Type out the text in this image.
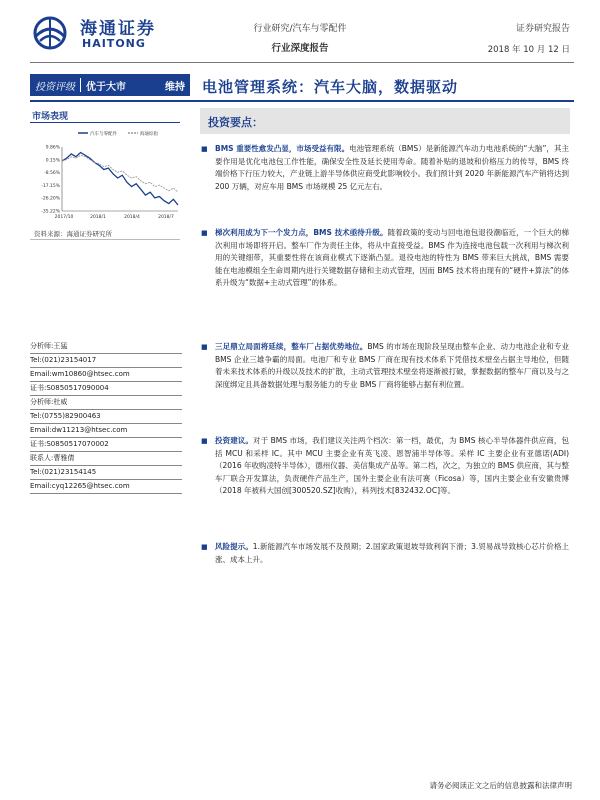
海通证券
HAITONG
行业研究/汽车与零配件
行业深度报告
证券研究报告
2018 年 10 月 12 日
投资评级	优于大市	维持	电池管理系统：汽车大脑，数据驱动
市场表现
汽车与零配件	海通综指
9.86%
0.15%
-8.56%
-17.15%
-26.20%
-35.22%
2017/10	2018/1	2018/4	2018/7
资料来源：海通证券研究所
分析师:王猛
Tel:(021)23154017
Email:wm10860@htsec.com
证书:S0850517090004
分析师:杜威
Tel:(0755)82900463
Email:dw11213@htsec.com
证书:S0850517070002
联系人:曹雅倩
Tel:(021)23154145
Email:cyq12265@htsec.com
投资要点：

■ BMS 重要性愈发凸显，市场受益有限。电池管理系统（BMS）是新能源汽车动力电池系统的“大脑”，其主要作用是优化电池包工作性能，确保安全性及延长使用寿命。随着补贴的退坡和价格压力的传导，BMS 终端价格下行压力较大，产业链上游半导体供应商受此影响较小。我们预计到 2020 年新能源汽车产销将达到 200 万辆，对应车用 BMS 市场规模 25 亿元左右。

■ 梯次利用成为下一个发力点，BMS 技术亟待升级。随着政策的变动与回电池包退役潮临近，一个巨大的梯次利用市场即将开启。整车厂作为责任主体，将从中直接受益。BMS 作为连接电池包载一次利用与梯次利用的关键细带，其重要性将在该商业模式下逐渐凸显。退役电池的特性为 BMS 带来巨大挑战，BMS 需要能在电池模组全生命周期内进行关键数据存储和主动式管理，因而 BMS 技术将由现有的“硬件+算法”的体系升级为“数据+主动式管理”的体系。

■ 三足鼎立局面将延续，整车厂占据优势地位。BMS 的市场在现阶段呈现由整车企业、动力电池企业和专业 BMS 企业三雄争霸的局面。电池厂和专业 BMS 厂商在现有技术体系下凭借技术壁垒占据主导地位，但随着未来技术体系的升级以及技术的扩散，主动式管理技术壁垒将逐渐被打破，掌握数据的整车厂商以及与之深度绑定且具备数据处理与服务能力的专业 BMS 厂商将能够占据有利位置。

■ 投资建议。对于 BMS 市场，我们建议关注两个档次：第一档，最优，为 BMS 核心半导体器件供应商，包括 MCU 和采样 IC。其中 MCU 主要企业有英飞凌、恩智浦半导体等。采样 IC 主要企业有亚德诺(ADI)（2016 年收购凌特半导体），德州仪器、美信集成产品等。第二档，次之，为独立的 BMS 供应商，其与整车厂联合开发算法，负责硬件产品生产，国外主要企业有法可赛（Ficosa）等，国内主要企业有安徽贵博（2018 年被科大国创[300520.SZ]收购），科列技术[832432.OC]等。

■ 风险提示。1.新能源汽车市场发展不及预期；2.国家政策退坡导致利润下滑；3.贸易战导致核心芯片价格上涨、成本上升。

请务必阅读正文之后的信息披露和法律声明
